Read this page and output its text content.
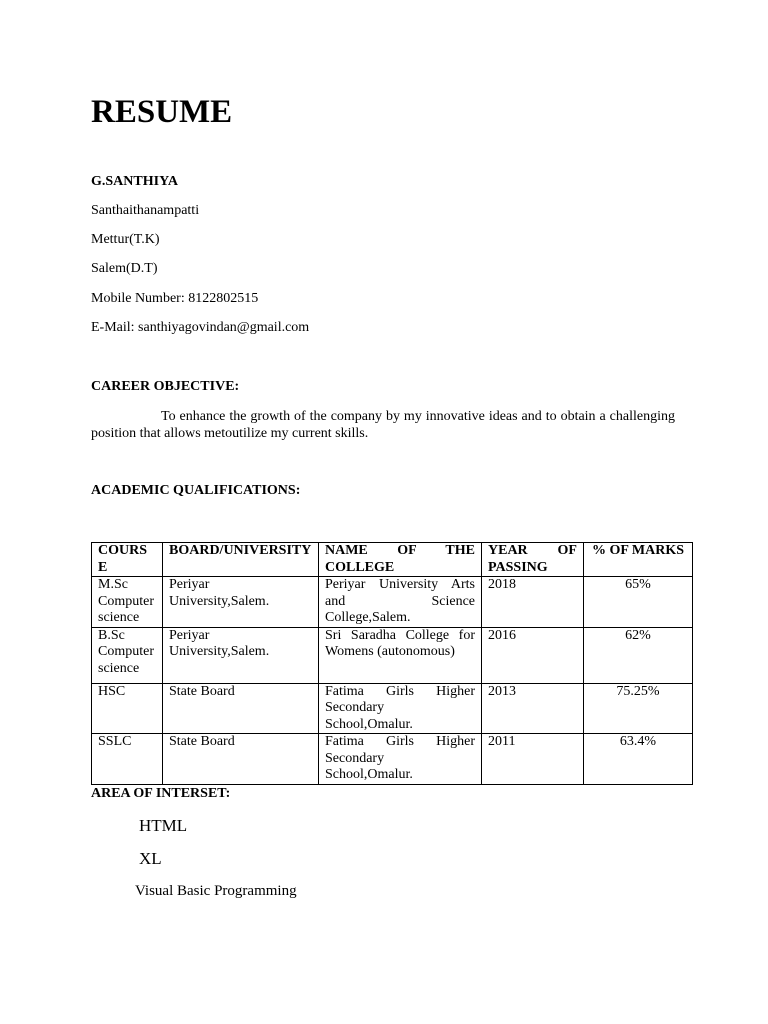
RESUME
G.SANTHIYA
Santhaithanampatti
Mettur(T.K)
Salem(D.T)
Mobile Number: 8122802515
E-Mail: santhiyagovindan@gmail.com
CAREER OBJECTIVE:
To enhance the growth of the company by my innovative ideas and to obtain a challenging position that allows metoutilize my current skills.
ACADEMIC QUALIFICATIONS:
COURS E	BOARD/UNIVERSITY	NAME OF THE COLLEGE	YEAR OF PASSING	% OF MARKS
M.Sc Computer science	Periyar University,Salem.	Periyar University Arts and Science College,Salem.	2018	65%
B.Sc Computer science	Periyar University,Salem.	Sri Saradha College for Womens (autonomous)	2016	62%
HSC	State Board	Fatima Girls Higher Secondary School,Omalur.	2013	75.25%
SSLC	State Board	Fatima Girls Higher Secondary School,Omalur.	2011	63.4%
AREA OF INTERSET:
HTML
XL
Visual Basic Programming
